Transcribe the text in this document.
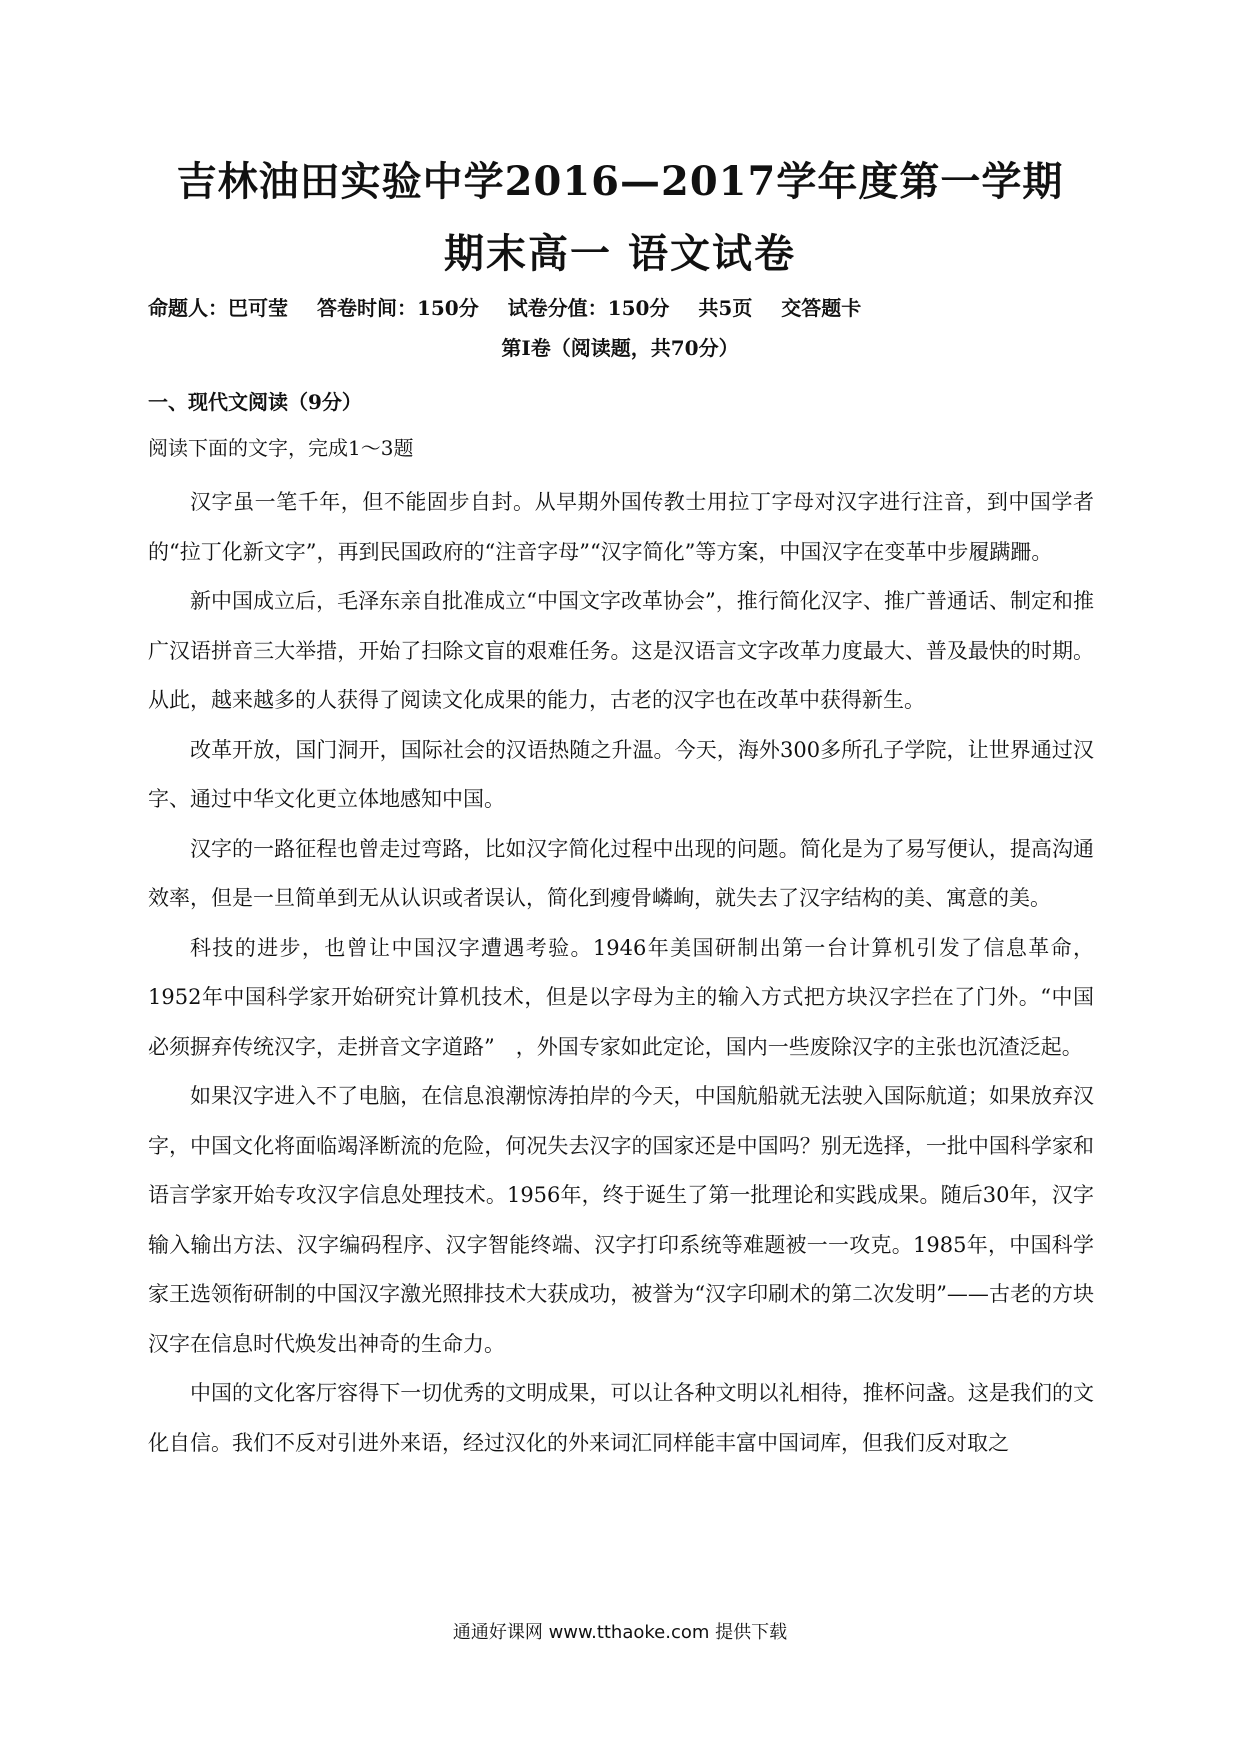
吉林油田实验中学2016—2017学年度第一学期
期末高一 语文试卷
命题人：巴可莹 答卷时间：150分 试卷分值：150分 共5页 交答题卡
第Ⅰ卷（阅读题，共70分）
一、现代文阅读（9分）
阅读下面的文字，完成1～3题

汉字虽一笔千年，但不能固步自封。从早期外国传教士用拉丁字母对汉字进行注音，到中国学者的“拉丁化新文字”，再到民国政府的“注音字母”“汉字简化”等方案，中国汉字在变革中步履蹒跚。

新中国成立后，毛泽东亲自批准成立“中国文字改革协会”，推行简化汉字、推广普通话、制定和推广汉语拼音三大举措，开始了扫除文盲的艰难任务。这是汉语言文字改革力度最大、普及最快的时期。从此，越来越多的人获得了阅读文化成果的能力，古老的汉字也在改革中获得新生。

改革开放，国门洞开，国际社会的汉语热随之升温。今天，海外300多所孔子学院，让世界通过汉字、通过中华文化更立体地感知中国。

汉字的一路征程也曾走过弯路，比如汉字简化过程中出现的问题。简化是为了易写便认，提高沟通效率，但是一旦简单到无从认识或者误认，简化到瘦骨嶙峋，就失去了汉字结构的美、寓意的美。

科技的进步，也曾让中国汉字遭遇考验。1946年美国研制出第一台计算机引发了信息革命，1952年中国科学家开始研究计算机技术，但是以字母为主的输入方式把方块汉字拦在了门外。“中国必须摒弃传统汉字，走拼音文字道路”　，外国专家如此定论，国内一些废除汉字的主张也沉渣泛起。

如果汉字进入不了电脑，在信息浪潮惊涛拍岸的今天，中国航船就无法驶入国际航道；如果放弃汉字，中国文化将面临竭泽断流的危险，何况失去汉字的国家还是中国吗？别无选择，一批中国科学家和语言学家开始专攻汉字信息处理技术。1956年，终于诞生了第一批理论和实践成果。随后30年，汉字输入输出方法、汉字编码程序、汉字智能终端、汉字打印系统等难题被一一攻克。1985年，中国科学家王选领衔研制的中国汉字激光照排技术大获成功，被誉为“汉字印刷术的第二次发明”——古老的方块汉字在信息时代焕发出神奇的生命力。

中国的文化客厅容得下一切优秀的文明成果，可以让各种文明以礼相待，推杯问盏。这是我们的文化自信。我们不反对引进外来语，经过汉化的外来词汇同样能丰富中国词库，但我们反对取之

通通好课网 www.tthaoke.com 提供下载
